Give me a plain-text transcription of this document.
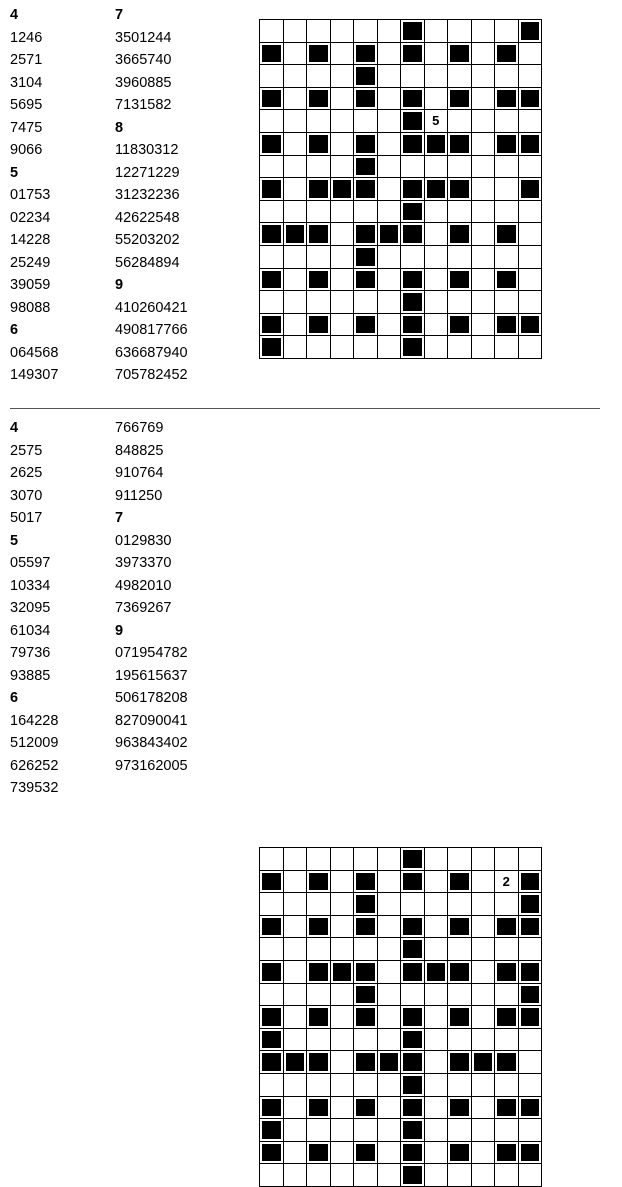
4
1246
2571
3104
5695
7475
9066
5
01753
02234
14228
25249
39059
98088
6
064568
149307
7
3501244
3665740
3960885
7131582
8
11830312
12271229
31232236
42622548
55203202
56284894
9
410260421
490817766
636687940
705782452

							5				

4
2575
2625
3070
5017
5
05597
10334
32095
61034
79736
93885
6
164228
512009
626252
739532
766769
848825
910764
911250
7
0129830
3973370
4982010
7369267
9
071954782
195615637
506178208
827090041
963843402
973162005

										2	
